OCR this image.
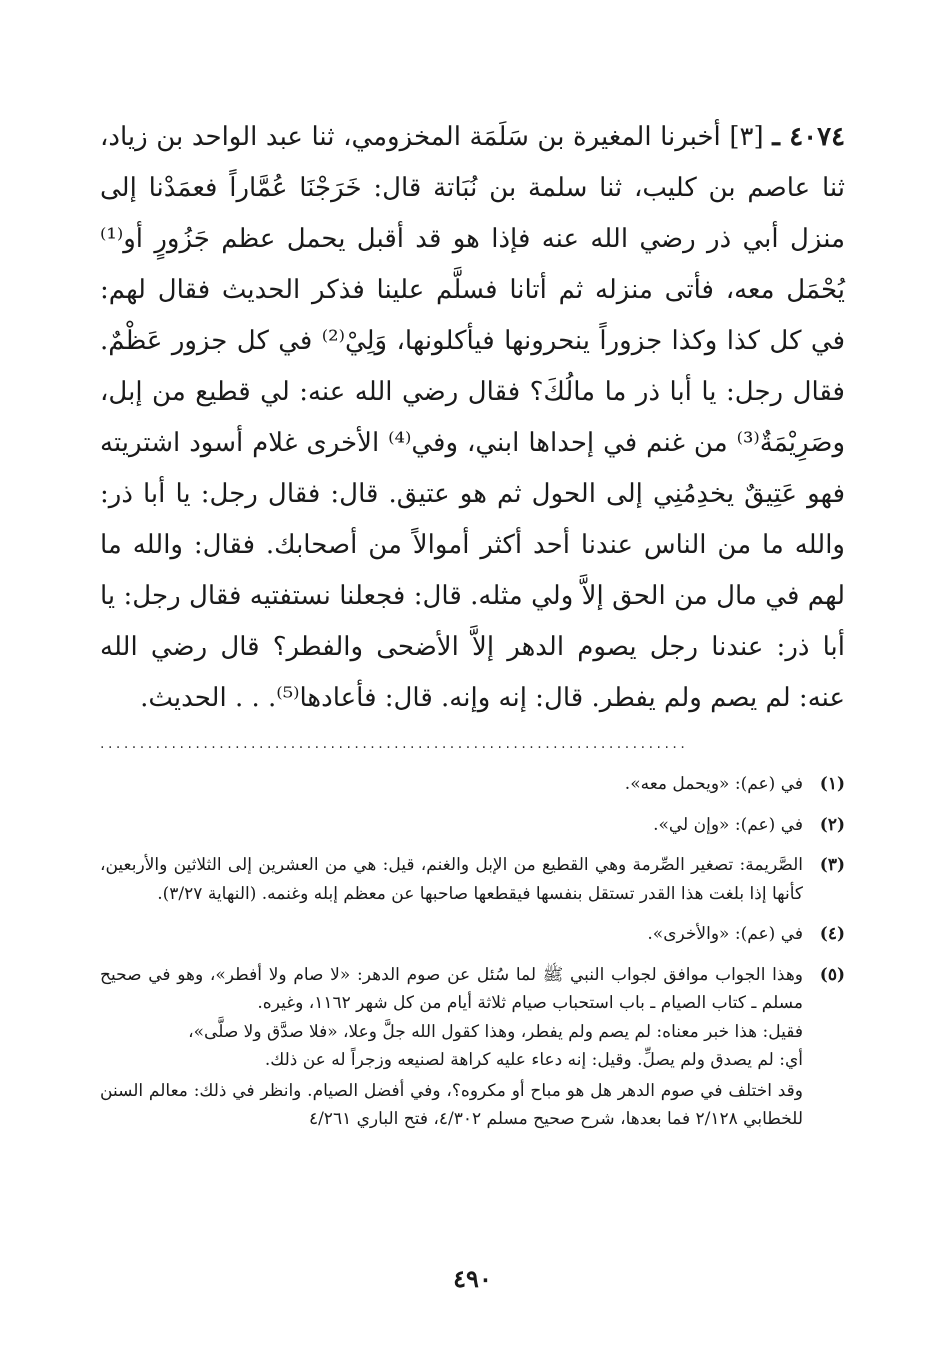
٤٠٧٤ ـ [٣] أخبرنا المغيرة بن سَلَمَة المخزومي، ثنا عبد الواحد بن زياد، ثنا عاصم بن كليب، ثنا سلمة بن نُبَاتة قال: خَرَجْنَا عُمَّاراً فعمَدْنا إلى منزل أبي ذر رضي الله عنه فإذا هو قد أقبل يحمل عظم جَزُورٍ أو⁽¹⁾ يُحْمَل معه، فأتى منزله ثم أتانا فسلَّم علينا فذكر الحديث فقال لهم: في كل كذا وكذا جزوراً ينحرونها فيأكلونها، وَلِيْ⁽²⁾ في كل جزور عَظْمٌ. فقال رجل: يا أبا ذر ما مالُكَ؟ فقال رضي الله عنه: لي قطيع من إبل، وصَرِيْمَةٌ⁽³⁾ من غنم في إحداها ابني، وفي⁽⁴⁾ الأخرى غلام أسود اشتريته فهو عَتِيقٌ يخدِمُنِي إلى الحول ثم هو عتيق. قال: فقال رجل: يا أبا ذر: والله ما من الناس عندنا أحد أكثر أموالاً من أصحابك. فقال: والله ما لهم في مال من الحق إلاَّ ولي مثله. قال: فجعلنا نستفتيه فقال رجل: يا أبا ذر: عندنا رجل يصوم الدهر إلاَّ الأضحى والفطر؟ قال رضي الله عنه: لم يصم ولم يفطر. قال: إنه وإنه. قال: فأعادها⁽⁵⁾. . . الحديث.

..........................................................................
(١)
في (عم): «ويحمل معه».
(٢)
في (عم): «وإن لي».
(٣)
الصَّريمة: تصغير الصِّرمة وهي القطيع من الإبل والغنم، قيل: هي من العشرين إلى الثلاثين والأربعين، كأنها إذا بلغت هذا القدر تستقل بنفسها فيقطعها صاحبها عن معظم إبله وغنمه. (النهاية ٣/٢٧).
(٤)
في (عم): «والأخرى».
(٥)
وهذا الجواب موافق لجواب النبي ﷺ لما سُئل عن صوم الدهر: «لا صام ولا أفطر»، وهو في صحيح مسلم ـ كتاب الصيام ـ باب استحباب صيام ثلاثة أيام من كل شهر ١١٦٢، وغيره.
فقيل: هذا خبر معناه: لم يصم ولم يفطر، وهذا كقول الله جلَّ وعلا، «فلا صدَّق ولا صلَّى»،
أي: لم يصدق ولم يصلِّ. وقيل: إنه دعاء عليه كراهة لصنيعه وزجراً له عن ذلك.
وقد اختلف في صوم الدهر هل هو مباح أو مكروه؟، وفي أفضل الصيام. وانظر في ذلك: معالم السنن للخطابي ٢/١٢٨ فما بعدها، شرح صحيح مسلم ٤/٣٠٢، فتح الباري ٤/٢٦١
٤٩٠
